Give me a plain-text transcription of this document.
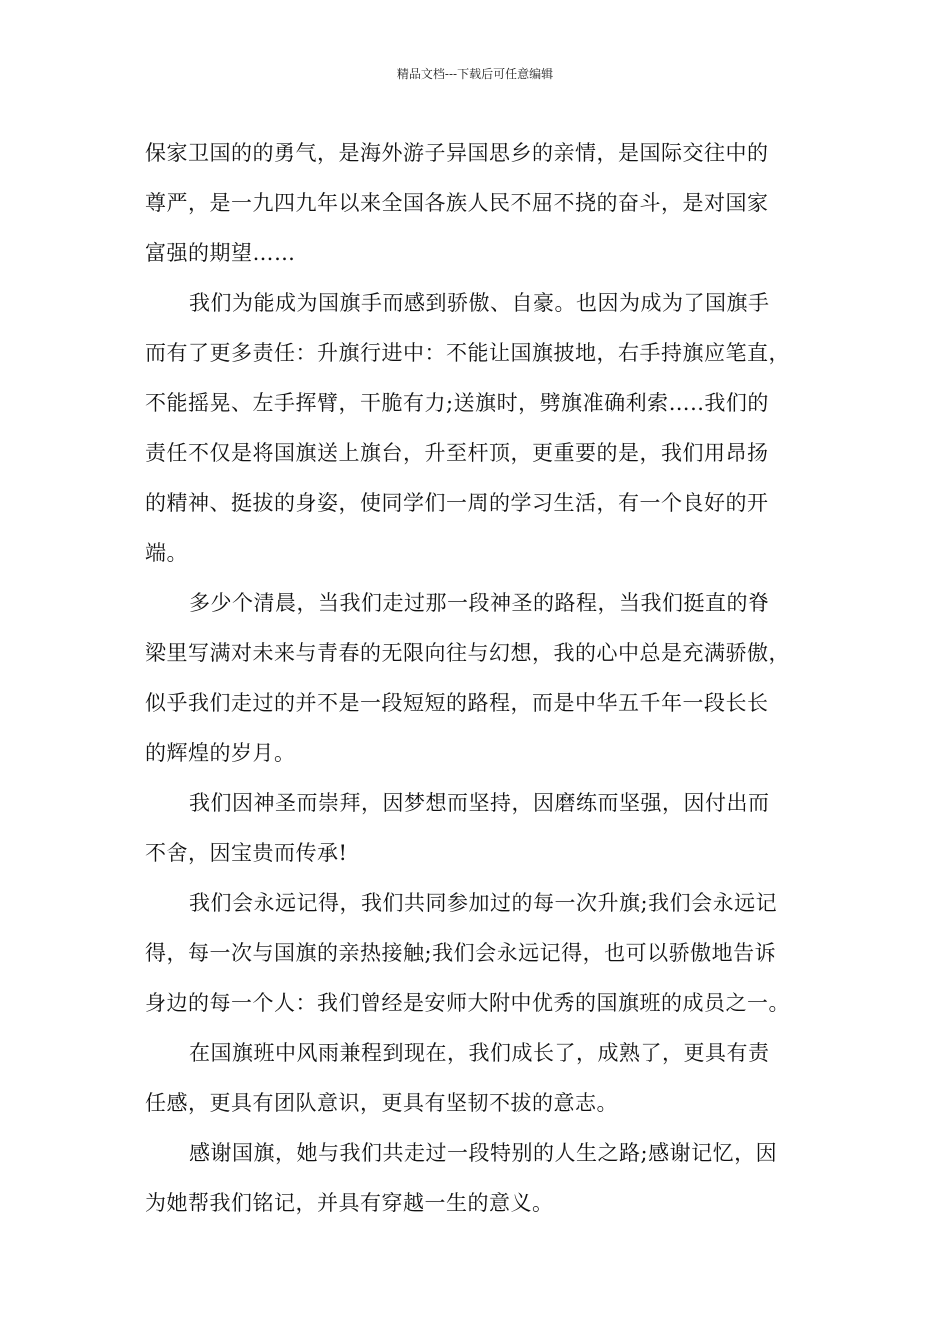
精品文档---下载后可任意编辑
保家卫国的的勇气，是海外游子异国思乡的亲情，是国际交往中的
尊严，是一九四九年以来全国各族人民不屈不挠的奋斗，是对国家
富强的期望……
我们为能成为国旗手而感到骄傲、自豪。也因为成为了国旗手
而有了更多责任：升旗行进中：不能让国旗披地，右手持旗应笔直，
不能摇晃、左手挥臂，干脆有力;送旗时，劈旗准确利索…..我们的
责任不仅是将国旗送上旗台，升至杆顶，更重要的是，我们用昂扬
的精神、挺拔的身姿，使同学们一周的学习生活，有一个良好的开
端。
多少个清晨，当我们走过那一段神圣的路程，当我们挺直的脊
梁里写满对未来与青春的无限向往与幻想，我的心中总是充满骄傲，
似乎我们走过的并不是一段短短的路程，而是中华五千年一段长长
的辉煌的岁月。
我们因神圣而崇拜，因梦想而坚持，因磨练而坚强，因付出而
不舍，因宝贵而传承!
我们会永远记得，我们共同参加过的每一次升旗;我们会永远记
得，每一次与国旗的亲热接触;我们会永远记得，也可以骄傲地告诉
身边的每一个人：我们曾经是安师大附中优秀的国旗班的成员之一。
在国旗班中风雨兼程到现在，我们成长了，成熟了，更具有责
任感，更具有团队意识，更具有坚韧不拔的意志。
感谢国旗，她与我们共走过一段特别的人生之路;感谢记忆，因
为她帮我们铭记，并具有穿越一生的意义。
